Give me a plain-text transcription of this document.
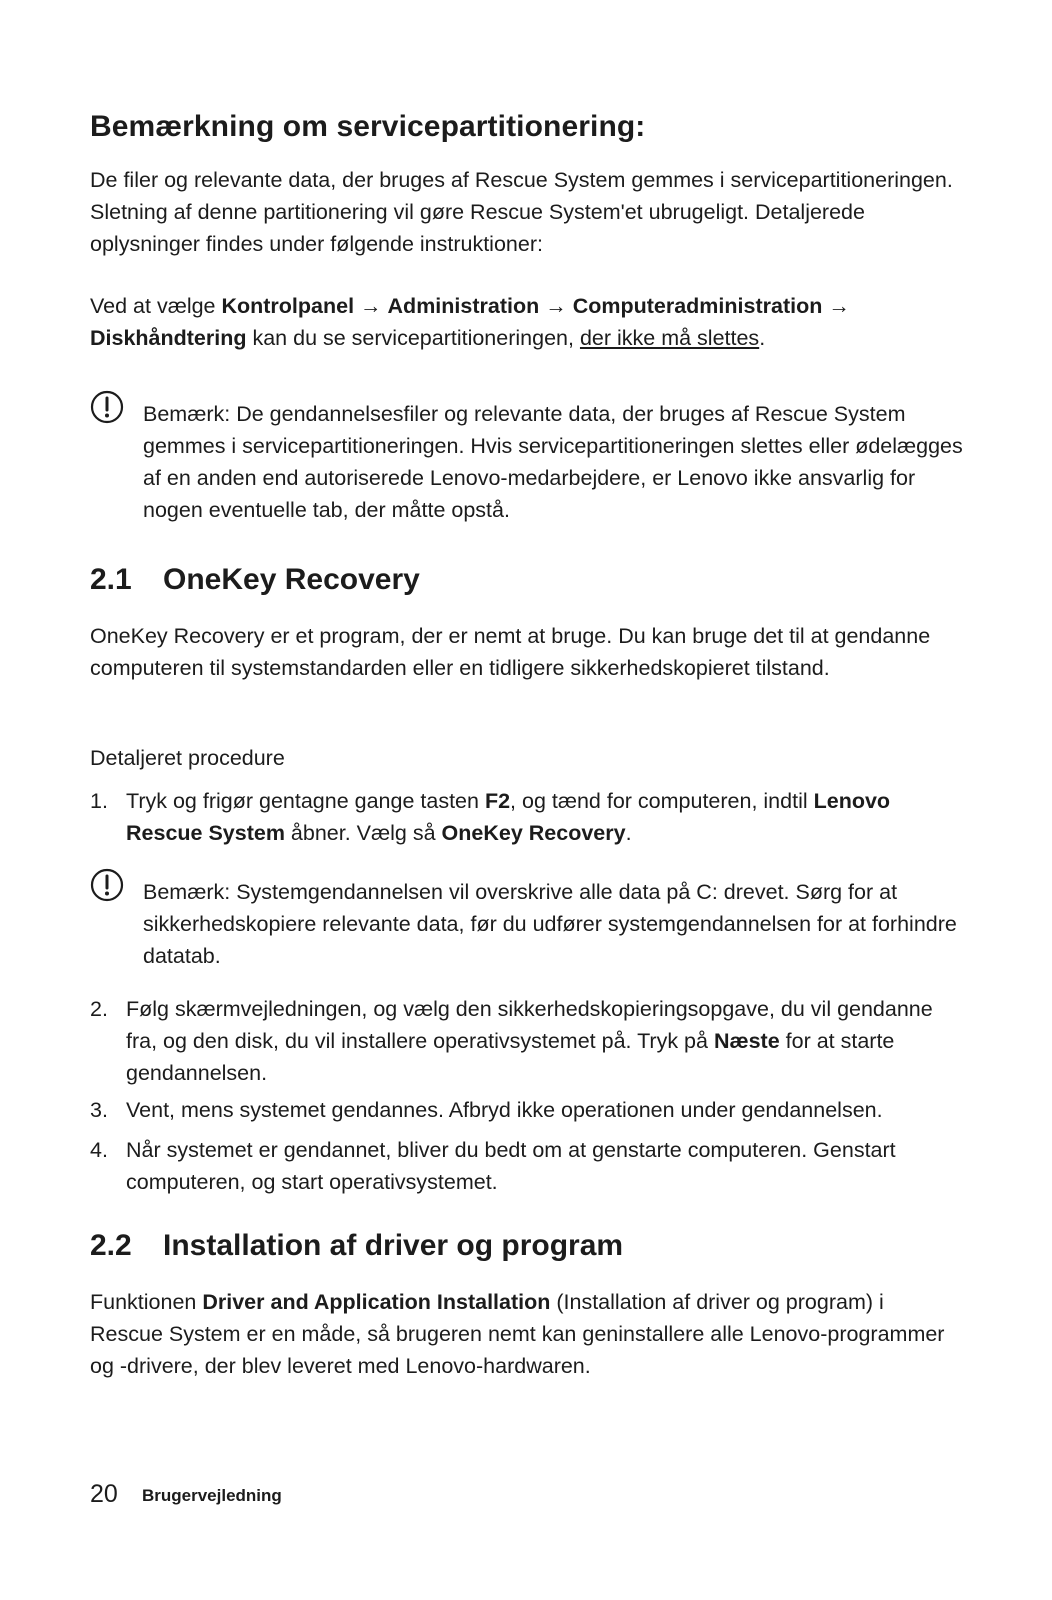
Bemærkning om servicepartitionering:

De filer og relevante data, der bruges af Rescue System gemmes i servicepartitioneringen. Sletning af denne partitionering vil gøre Rescue System'et ubrugeligt. Detaljerede oplysninger findes under følgende instruktioner:

Ved at vælge Kontrolpanel → Administration → Computeradministration → Diskhåndtering kan du se servicepartitioneringen, der ikke må slettes.

Bemærk: De gendannelsesfiler og relevante data, der bruges af Rescue System gemmes i servicepartitioneringen. Hvis servicepartitioneringen slettes eller ødelægges af en anden end autoriserede Lenovo-medarbejdere, er Lenovo ikke ansvarlig for nogen eventuelle tab, der måtte opstå.

2.1 OneKey Recovery

OneKey Recovery er et program, der er nemt at bruge. Du kan bruge det til at gendanne computeren til systemstandarden eller en tidligere sikkerhedskopieret tilstand.

Detaljeret procedure
1. Tryk og frigør gentagne gange tasten F2, og tænd for computeren, indtil Lenovo Rescue System åbner. Vælg så OneKey Recovery.

Bemærk: Systemgendannelsen vil overskrive alle data på C: drevet. Sørg for at sikkerhedskopiere relevante data, før du udfører systemgendannelsen for at forhindre datatab.

2. Følg skærmvejledningen, og vælg den sikkerhedskopieringsopgave, du vil gendanne fra, og den disk, du vil installere operativsystemet på. Tryk på Næste for at starte gendannelsen.
3. Vent, mens systemet gendannes. Afbryd ikke operationen under gendannelsen.
4. Når systemet er gendannet, bliver du bedt om at genstarte computeren. Genstart computeren, og start operativsystemet.
2.2 Installation af driver og program

Funktionen Driver and Application Installation (Installation af driver og program) i Rescue System er en måde, så brugeren nemt kan geninstallere alle Lenovo-programmer og -drivere, der blev leveret med Lenovo-hardwaren.

20 Brugervejledning
